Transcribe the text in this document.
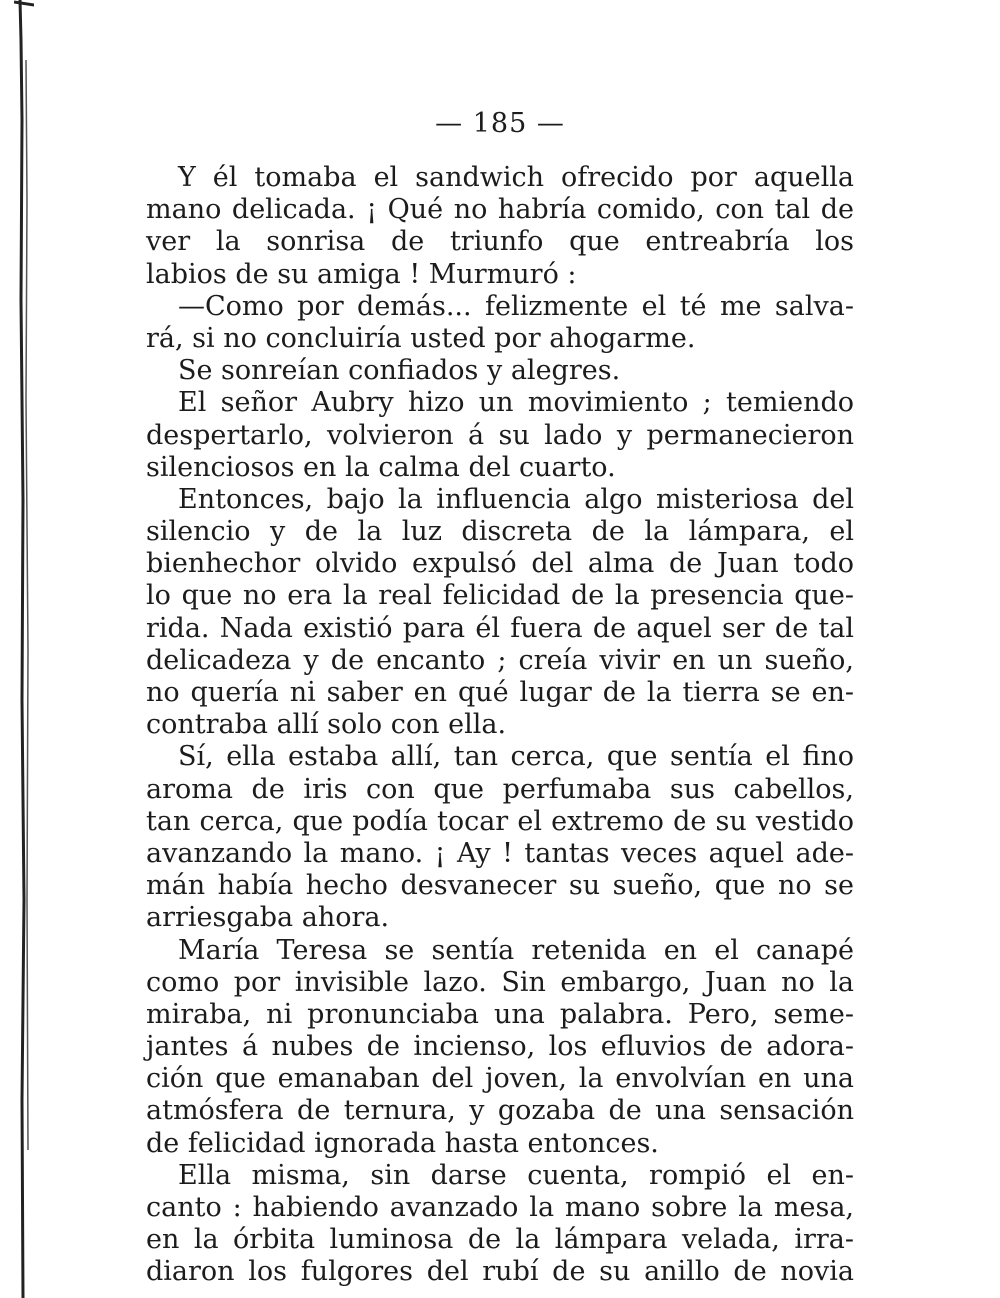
— 185 —
Y él tomaba el sandwich ofrecido por aquella
mano delicada. ¡ Qué no habría comido, con tal de
ver la sonrisa de triunfo que entreabría los
labios de su amiga ! Murmuró :
—Como por demás... felizmente el té me salva-
rá, si no concluiría usted por ahogarme.
Se sonreían confiados y alegres.
El señor Aubry hizo un movimiento ; temiendo
despertarlo, volvieron á su lado y permanecieron
silenciosos en la calma del cuarto.
Entonces, bajo la influencia algo misteriosa del
silencio y de la luz discreta de la lámpara, el
bienhechor olvido expulsó del alma de Juan todo
lo que no era la real felicidad de la presencia que-
rida. Nada existió para él fuera de aquel ser de tal
delicadeza y de encanto ; creía vivir en un sueño,
no quería ni saber en qué lugar de la tierra se en-
contraba allí solo con ella.
Sí, ella estaba allí, tan cerca, que sentía el fino
aroma de iris con que perfumaba sus cabellos,
tan cerca, que podía tocar el extremo de su vestido
avanzando la mano. ¡ Ay ! tantas veces aquel ade-
mán había hecho desvanecer su sueño, que no se
arriesgaba ahora.
María Teresa se sentía retenida en el canapé
como por invisible lazo. Sin embargo, Juan no la
miraba, ni pronunciaba una palabra. Pero, seme-
jantes á nubes de incienso, los efluvios de adora-
ción que emanaban del joven, la envolvían en una
atmósfera de ternura, y gozaba de una sensación
de felicidad ignorada hasta entonces.
Ella misma, sin darse cuenta, rompió el en-
canto : habiendo avanzado la mano sobre la mesa,
en la órbita luminosa de la lámpara velada, irra-
diaron los fulgores del rubí de su anillo de novia
